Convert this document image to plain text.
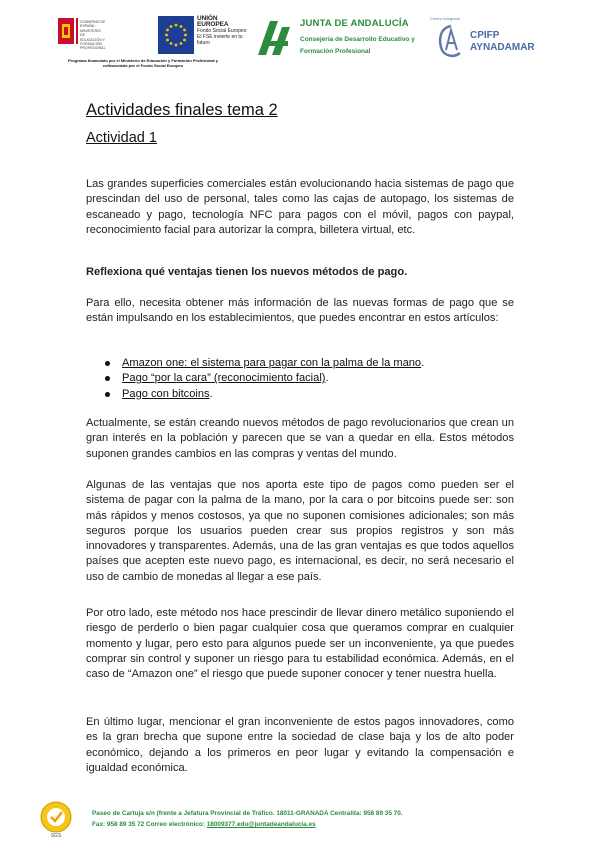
GOBIERNO DE ESPAÑA · MINISTERIO DE EDUCACIÓN Y FORMACIÓN PROFESIONAL
UNIÓN EUROPEA
Fondo Social Europeo
El FSE invierte en tu futuro
Programa financiado por el Ministerio de Educación y Formación Profesional y cofinanciado por el Fondo Social Europeo
JUNTA DE ANDALUCÍA
Consejería de Desarrollo Educativo y
Formación Profesional
Centro Integrado
CPIFP
AYNADAMAR
Actividades finales tema 2
Actividad 1
Las grandes superficies comerciales están evolucionando hacia sistemas de pago que prescindan del uso de personal, tales como las cajas de autopago, los sistemas de escaneado y pago, tecnología NFC para pagos con el móvil, pagos con paypal, reconocimiento facial para autorizar la compra, billetera virtual, etc.
Reflexiona qué ventajas tienen los nuevos métodos de pago.
Para ello, necesita obtener más información de las nuevas formas de pago que se están impulsando en los establecimientos, que puedes encontrar en estos artículos:
Amazon one: el sistema para pagar con la palma de la mano.
Pago “por la cara” (reconocimiento facial).
Pago con bitcoins.
Actualmente, se están creando nuevos métodos de pago revolucionarios que crean un gran interés en la población y parecen que se van a quedar en ella. Estos métodos suponen grandes cambios en las compras y ventas del mundo.
Algunas de las ventajas que nos aporta este tipo de pagos como pueden ser el sistema de pagar con la palma de la mano, por la cara o por bitcoins puede ser: son más rápidos y menos costosos, ya que no suponen comisiones adicionales; son más seguros porque los usuarios pueden crear sus propios registros y son más innovadores y transparentes. Además, una de las gran ventajas es que todos aquellos países que acepten este nuevo pago, es internacional, es decir, no será necesario el uso de cambio de monedas al llegar a ese país.
Por otro lado, este método nos hace prescindir de llevar dinero metálico suponiendo el riesgo de perderlo o bien pagar cualquier cosa que queramos comprar en cualquier momento y lugar, pero esto para algunos puede ser un inconveniente, ya que puedes comprar sin control y suponer un riesgo para tu estabilidad económica. Además, en el caso de “Amazon one” el riesgo que puede suponer conocer y tener nuestra huella.
En último lugar, mencionar el gran inconveniente de estos pagos innovadores, como es la gran brecha que supone entre la sociedad de clase baja y los de alto poder económico, dejando a los primeros en peor lugar y evitando la compensación e igualdad económica.
SGS
Paseo de Cartuja s/n (frente a Jefatura Provincial de Tráfico. 18011-GRANADA Centralita: 958 89 35 70.
Fax: 958 89 35 72 Correo electrónico: 18009377.edu@juntadeandalucia.es
